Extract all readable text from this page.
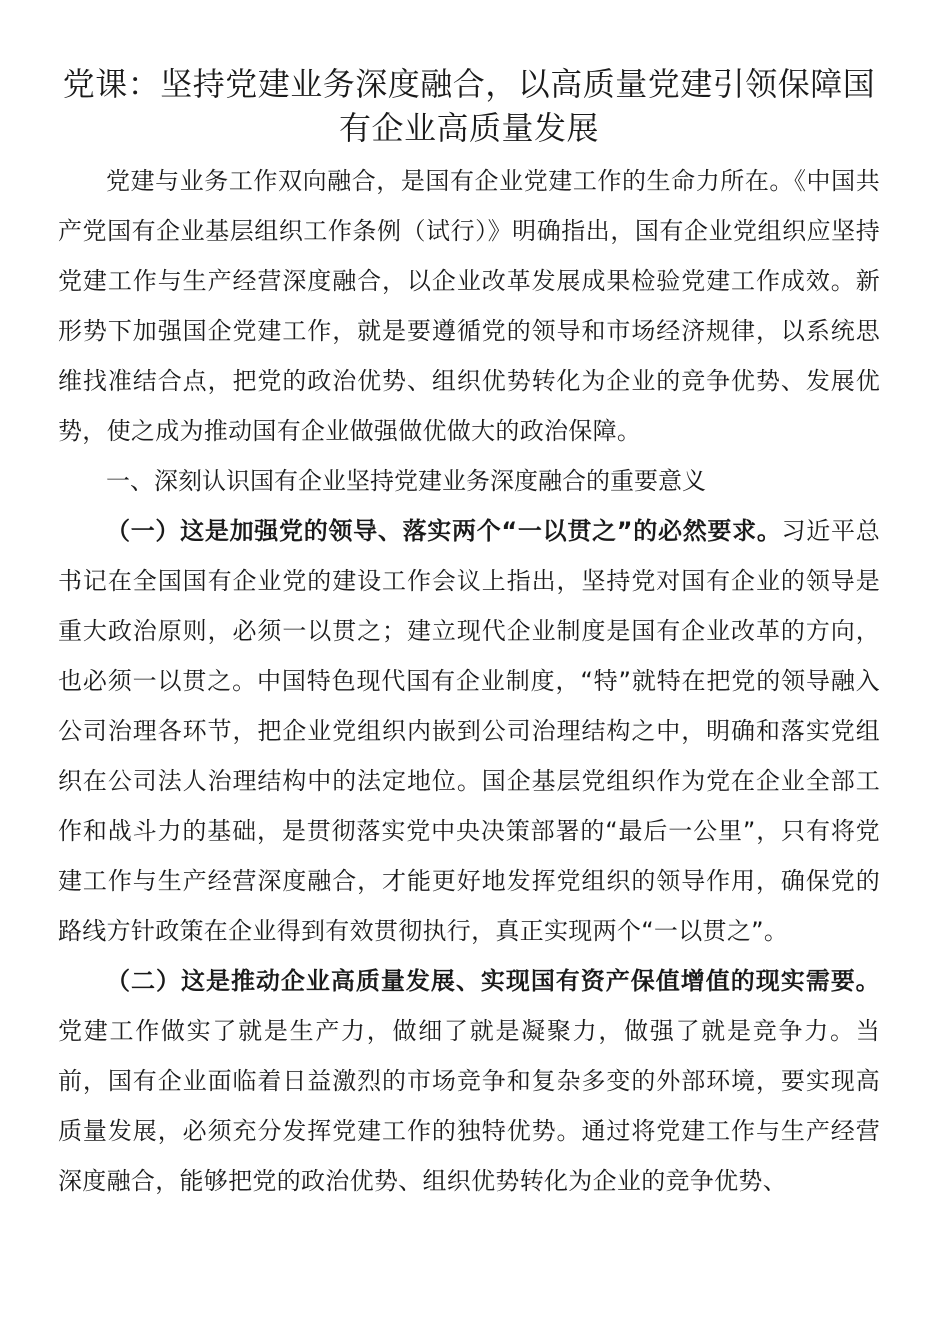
党课：坚持党建业务深度融合，以高质量党建引领保障国有企业高质量发展

党建与业务工作双向融合，是国有企业党建工作的生命力所在。《中国共产党国有企业基层组织工作条例（试行）》明确指出，国有企业党组织应坚持党建工作与生产经营深度融合，以企业改革发展成果检验党建工作成效。新形势下加强国企党建工作，就是要遵循党的领导和市场经济规律，以系统思维找准结合点，把党的政治优势、组织优势转化为企业的竞争优势、发展优势，使之成为推动国有企业做强做优做大的政治保障。

一、深刻认识国有企业坚持党建业务深度融合的重要意义

（一）这是加强党的领导、落实两个“一以贯之”的必然要求。习近平总书记在全国国有企业党的建设工作会议上指出，坚持党对国有企业的领导是重大政治原则，必须一以贯之；建立现代企业制度是国有企业改革的方向，也必须一以贯之。中国特色现代国有企业制度，“特”就特在把党的领导融入公司治理各环节，把企业党组织内嵌到公司治理结构之中，明确和落实党组织在公司法人治理结构中的法定地位。国企基层党组织作为党在企业全部工作和战斗力的基础，是贯彻落实党中央决策部署的“最后一公里”，只有将党建工作与生产经营深度融合，才能更好地发挥党组织的领导作用，确保党的路线方针政策在企业得到有效贯彻执行，真正实现两个“一以贯之”。

（二）这是推动企业高质量发展、实现国有资产保值增值的现实需要。党建工作做实了就是生产力，做细了就是凝聚力，做强了就是竞争力。当前，国有企业面临着日益激烈的市场竞争和复杂多变的外部环境，要实现高质量发展，必须充分发挥党建工作的独特优势。通过将党建工作与生产经营深度融合，能够把党的政治优势、组织优势转化为企业的竞争优势、
